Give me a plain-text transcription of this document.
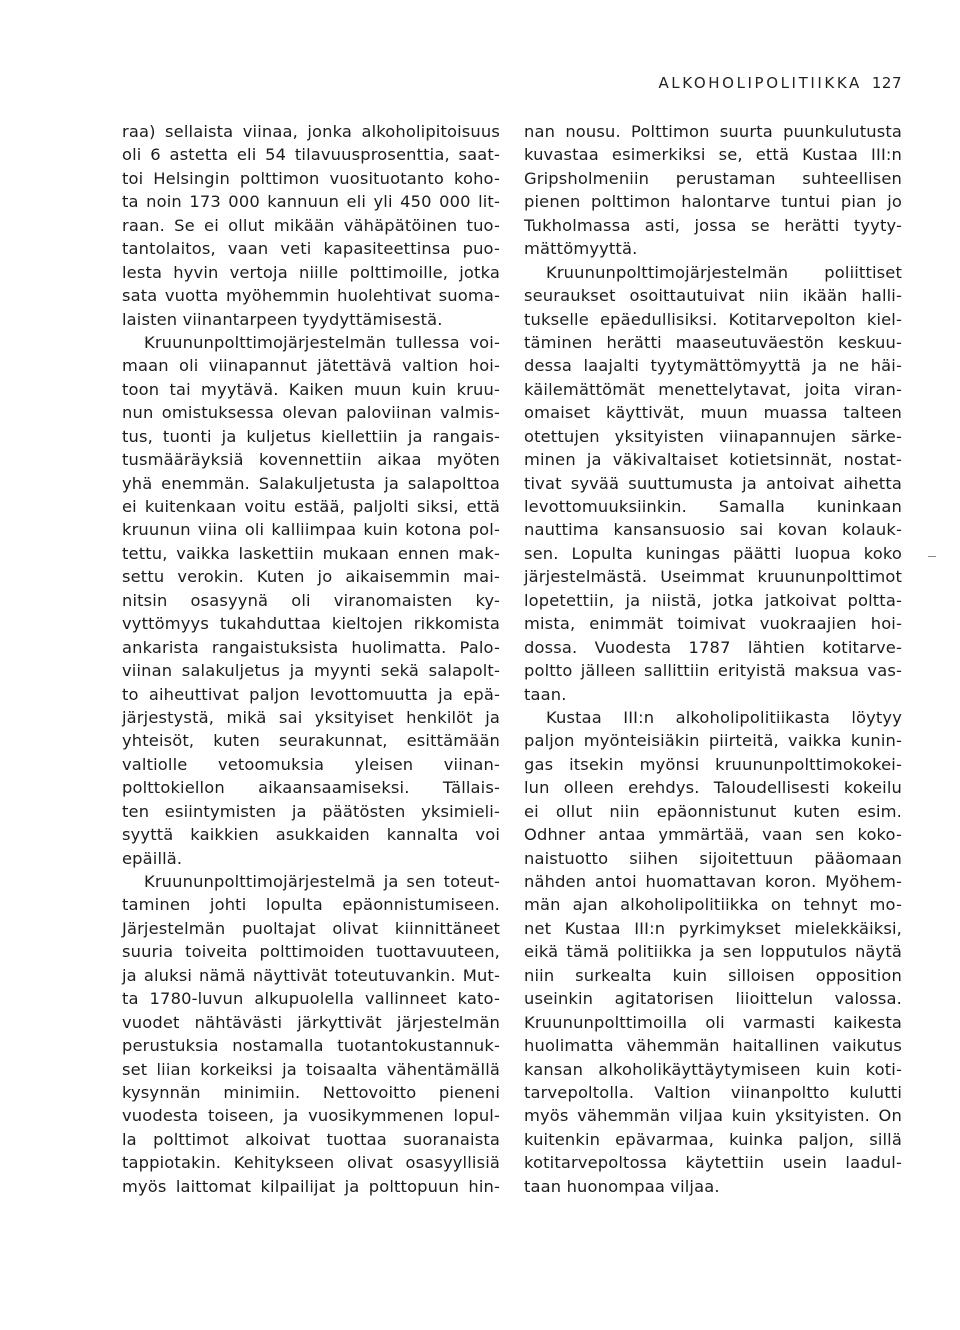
ALKOHOLIPOLITIIKKA 127
raa) sellaista viinaa, jonka alkoholipitoisuus
oli 6 astetta eli 54 tilavuusprosenttia, saat-
toi Helsingin polttimon vuosituotanto koho-
ta noin 173 000 kannuun eli yli 450 000 lit-
raan. Se ei ollut mikään vähäpätöinen tuo-
tantolaitos, vaan veti kapasiteettinsa puo-
lesta hyvin vertoja niille polttimoille, jotka
sata vuotta myöhemmin huolehtivat suoma-
laisten viinantarpeen tyydyttämisestä.
Kruununpolttimojärjestelmän tullessa voi-
maan oli viinapannut jätettävä valtion hoi-
toon tai myytävä. Kaiken muun kuin kruu-
nun omistuksessa olevan paloviinan valmis-
tus, tuonti ja kuljetus kiellettiin ja rangais-
tusmääräyksiä kovennettiin aikaa myöten
yhä enemmän. Salakuljetusta ja salapolttoa
ei kuitenkaan voitu estää, paljolti siksi, että
kruunun viina oli kalliimpaa kuin kotona pol-
tettu, vaikka laskettiin mukaan ennen mak-
settu verokin. Kuten jo aikaisemmin mai-
nitsin osasyynä oli viranomaisten ky-
vyttömyys tukahduttaa kieltojen rikkomista
ankarista rangaistuksista huolimatta. Palo-
viinan salakuljetus ja myynti sekä salapolt-
to aiheuttivat paljon levottomuutta ja epä-
järjestystä, mikä sai yksityiset henkilöt ja
yhteisöt, kuten seurakunnat, esittämään
valtiolle vetoomuksia yleisen viinan-
polttokiellon aikaansaamiseksi. Tällais-
ten esiintymisten ja päätösten yksimieli-
syyttä kaikkien asukkaiden kannalta voi
epäillä.
Kruununpolttimojärjestelmä ja sen toteut-
taminen johti lopulta epäonnistumiseen.
Järjestelmän puoltajat olivat kiinnittäneet
suuria toiveita polttimoiden tuottavuuteen,
ja aluksi nämä näyttivät toteutuvankin. Mut-
ta 1780-luvun alkupuolella vallinneet kato-
vuodet nähtävästi järkyttivät järjestelmän
perustuksia nostamalla tuotantokustannuk-
set liian korkeiksi ja toisaalta vähentämällä
kysynnän minimiin. Nettovoitto pieneni
vuodesta toiseen, ja vuosikymmenen lopul-
la polttimot alkoivat tuottaa suoranaista
tappiotakin. Kehitykseen olivat osasyyllisiä
myös laittomat kilpailijat ja polttopuun hin-
nan nousu. Polttimon suurta puunkulutusta
kuvastaa esimerkiksi se, että Kustaa III:n
Gripsholmeniin perustaman suhteellisen
pienen polttimon halontarve tuntui pian jo
Tukholmassa asti, jossa se herätti tyyty-
mättömyyttä.
Kruununpolttimojärjestelmän poliittiset
seuraukset osoittautuivat niin ikään halli-
tukselle epäedullisiksi. Kotitarvepolton kiel-
täminen herätti maaseutuväestön keskuu-
dessa laajalti tyytymättömyyttä ja ne häi-
käilemättömät menettelytavat, joita viran-
omaiset käyttivät, muun muassa talteen
otettujen yksityisten viinapannujen särke-
minen ja väkivaltaiset kotietsinnät, nostat-
tivat syvää suuttumusta ja antoivat aihetta
levottomuuksiinkin. Samalla kuninkaan
nauttima kansansuosio sai kovan kolauk-
sen. Lopulta kuningas päätti luopua koko
järjestelmästä. Useimmat kruununpolttimot
lopetettiin, ja niistä, jotka jatkoivat poltta-
mista, enimmät toimivat vuokraajien hoi-
dossa. Vuodesta 1787 lähtien kotitarve-
poltto jälleen sallittiin erityistä maksua vas-
taan.
Kustaa III:n alkoholipolitiikasta löytyy
paljon myönteisiäkin piirteitä, vaikka kunin-
gas itsekin myönsi kruununpolttimokokei-
lun olleen erehdys. Taloudellisesti kokeilu
ei ollut niin epäonnistunut kuten esim.
Odhner antaa ymmärtää, vaan sen koko-
naistuotto siihen sijoitettuun pääomaan
nähden antoi huomattavan koron. Myöhem-
män ajan alkoholipolitiikka on tehnyt mo-
net Kustaa III:n pyrkimykset mielekkäiksi,
eikä tämä politiikka ja sen lopputulos näytä
niin surkealta kuin silloisen opposition
useinkin agitatorisen liioittelun valossa.
Kruununpolttimoilla oli varmasti kaikesta
huolimatta vähemmän haitallinen vaikutus
kansan alkoholikäyttäytymiseen kuin koti-
tarvepoltolla. Valtion viinanpoltto kulutti
myös vähemmän viljaa kuin yksityisten. On
kuitenkin epävarmaa, kuinka paljon, sillä
kotitarvepoltossa käytettiin usein laadul-
taan huonompaa viljaa.
